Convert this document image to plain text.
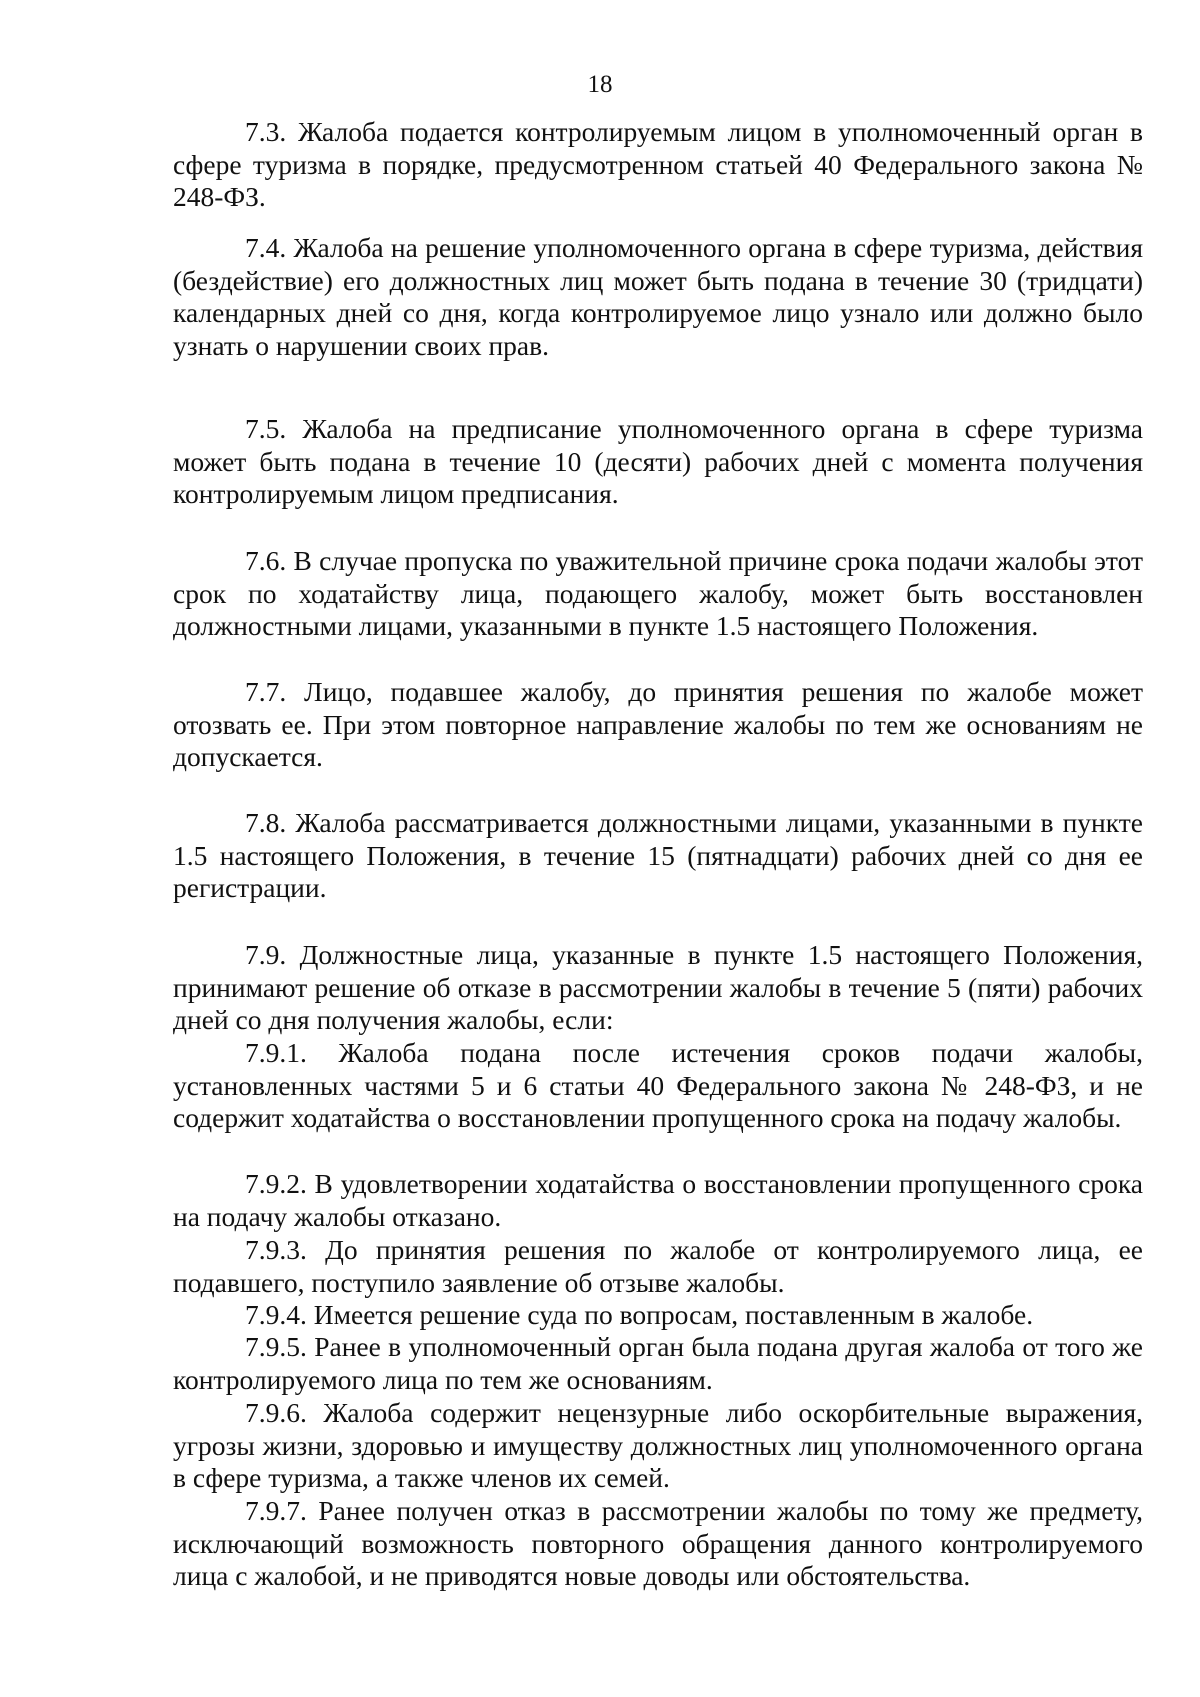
18

7.3. Жалоба подается контролируемым лицом в уполномоченный орган в сфере туризма в порядке, предусмотренном статьей 40 Федерального закона № 248-ФЗ.

7.4. Жалоба на решение уполномоченного органа в сфере туризма, действия (бездействие) его должностных лиц может быть подана в течение 30 (тридцати) календарных дней со дня, когда контролируемое лицо узнало или должно было узнать о нарушении своих прав.

7.5. Жалоба на предписание уполномоченного органа в сфере туризма может быть подана в течение 10 (десяти) рабочих дней с момента получения контролируемым лицом предписания.

7.6. В случае пропуска по уважительной причине срока подачи жалобы этот срок по ходатайству лица, подающего жалобу, может быть восстановлен должностными лицами, указанными в пункте 1.5 настоящего Положения.

7.7. Лицо, подавшее жалобу, до принятия решения по жалобе может отозвать ее. При этом повторное направление жалобы по тем же основаниям не допускается.

7.8. Жалоба рассматривается должностными лицами, указанными в пункте 1.5 настоящего Положения, в течение 15 (пятнадцати) рабочих дней со дня ее регистрации.

7.9. Должностные лица, указанные в пункте 1.5 настоящего Положения, принимают решение об отказе в рассмотрении жалобы в течение 5 (пяти) рабочих дней со дня получения жалобы, если:

7.9.1. Жалоба подана после истечения сроков подачи жалобы, установленных частями 5 и 6 статьи 40 Федерального закона № 248-ФЗ, и не содержит ходатайства о восстановлении пропущенного срока на подачу жалобы.

7.9.2. В удовлетворении ходатайства о восстановлении пропущенного срока на подачу жалобы отказано.

7.9.3. До принятия решения по жалобе от контролируемого лица, ее подавшего, поступило заявление об отзыве жалобы.

7.9.4. Имеется решение суда по вопросам, поставленным в жалобе.

7.9.5. Ранее в уполномоченный орган была подана другая жалоба от того же контролируемого лица по тем же основаниям.

7.9.6. Жалоба содержит нецензурные либо оскорбительные выражения, угрозы жизни, здоровью и имуществу должностных лиц уполномоченного органа в сфере туризма, а также членов их семей.

7.9.7. Ранее получен отказ в рассмотрении жалобы по тому же предмету, исключающий возможность повторного обращения данного контролируемого лица с жалобой, и не приводятся новые доводы или обстоятельства.
